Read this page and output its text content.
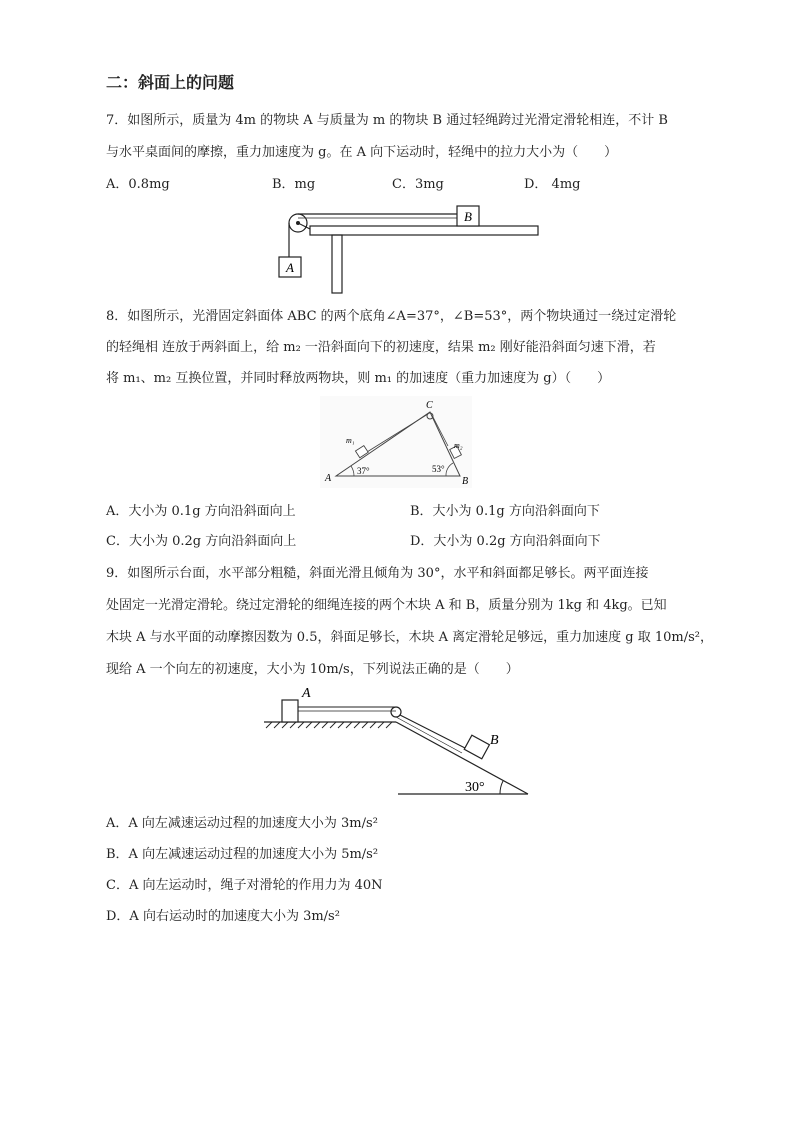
二：斜面上的问题
7．如图所示，质量为 4m 的物块 A 与质量为 m 的物块 B 通过轻绳跨过光滑定滑轮相连，不计 B
与水平桌面间的摩擦，重力加速度为 g。在 A 向下运动时，轻绳中的拉力大小为（　　）
A．0.8mg	B．mg	C．3mg	D． 4mg
B
A
8．如图所示，光滑固定斜面体 ABC 的两个底角∠A=37°，∠B=53°，两个物块通过一绕过定滑轮
的轻绳相 连放于两斜面上，给 m₂ 一沿斜面向下的初速度，结果 m₂ 刚好能沿斜面匀速下滑，若
将 m₁、m₂ 互换位置，并同时释放两物块，则 m₁ 的加速度（重力加速度为 g）（　　）
A	B
C
m₁
m₂
37°	53°
A．大小为 0.1g 方向沿斜面向上	B．大小为 0.1g 方向沿斜面向下
C．大小为 0.2g 方向沿斜面向上	D．大小为 0.2g 方向沿斜面向下
9．如图所示台面，水平部分粗糙，斜面光滑且倾角为 30°，水平和斜面都足够长。两平面连接
处固定一光滑定滑轮。绕过定滑轮的细绳连接的两个木块 A 和 B，质量分别为 1kg 和 4kg。已知
木块 A 与水平面的动摩擦因数为 0.5，斜面足够长，木块 A 离定滑轮足够远，重力加速度 g 取 10m/s²，
现给 A 一个向左的初速度，大小为 10m/s，下列说法正确的是（　　）
A
B
30°
A．A 向左减速运动过程的加速度大小为 3m/s²
B．A 向左减速运动过程的加速度大小为 5m/s²
C．A 向左运动时，绳子对滑轮的作用力为 40N
D．A 向右运动时的加速度大小为 3m/s²
